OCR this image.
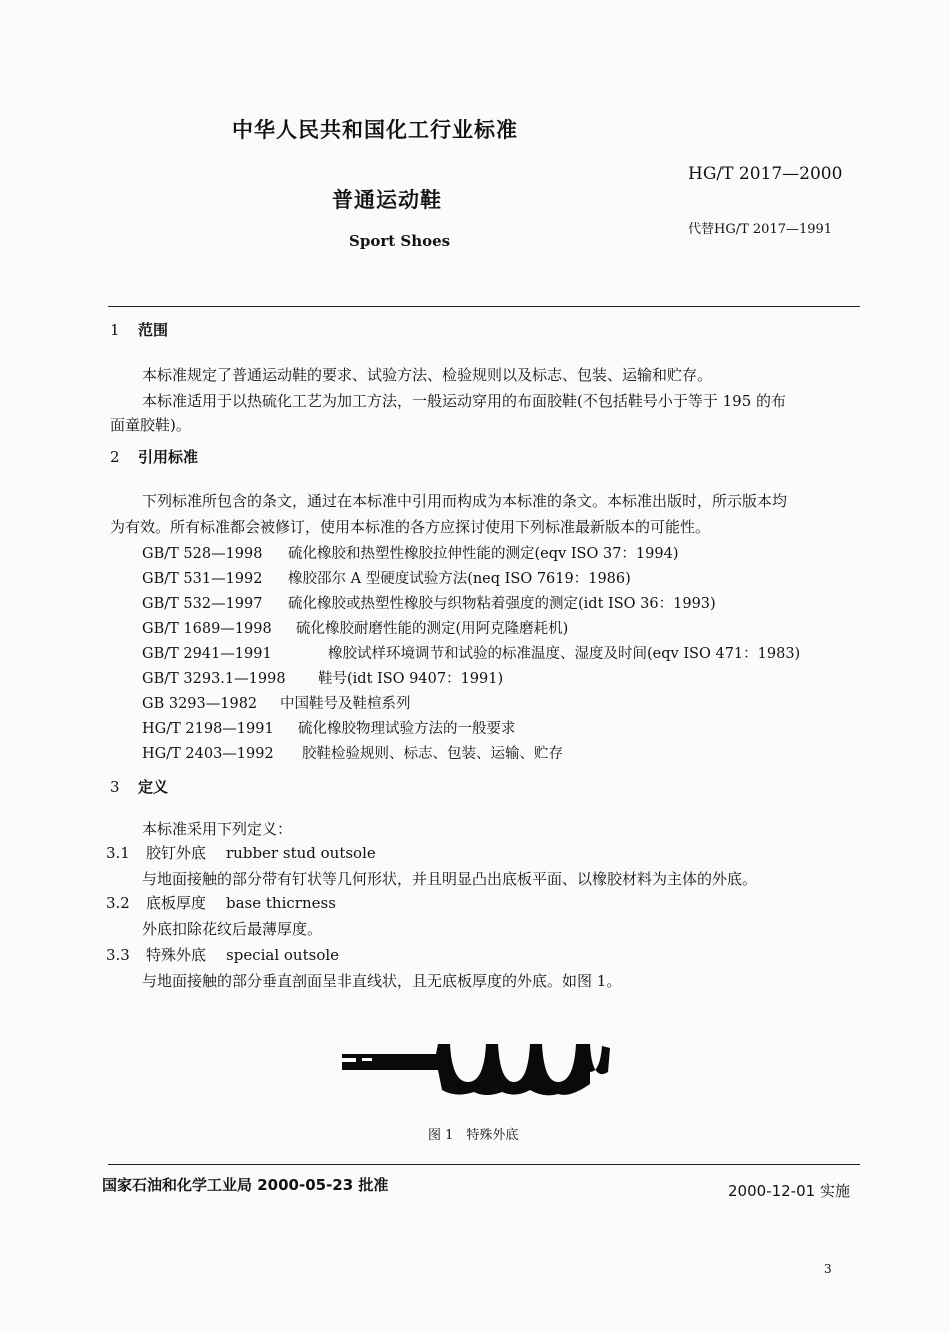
中华人民共和国化工行业标准
HG/T 2017—2000
普通运动鞋
代替HG/T 2017—1991
Sport Shoes
1 范围
本标准规定了普通运动鞋的要求、试验方法、检验规则以及标志、包装、运输和贮存。
本标准适用于以热硫化工艺为加工方法，一般运动穿用的布面胶鞋(不包括鞋号小于等于 195 的布
面童胶鞋)。
2 引用标准
下列标准所包含的条文，通过在本标准中引用而构成为本标准的条文。本标准出版时，所示版本均
为有效。所有标准都会被修订，使用本标准的各方应探讨使用下列标准最新版本的可能性。
GB/T 528—1998 硫化橡胶和热塑性橡胶拉伸性能的测定(eqv ISO 37：1994)
GB/T 531—1992 橡胶邵尔 A 型硬度试验方法(neq ISO 7619：1986)
GB/T 532—1997 硫化橡胶或热塑性橡胶与织物粘着强度的测定(idt ISO 36：1993)
GB/T 1689—1998 硫化橡胶耐磨性能的测定(用阿克隆磨耗机)
GB/T 2941—1991	橡胶试样环境调节和试验的标准温度、湿度及时间(eqv ISO 471：1983)
GB/T 3293.1—1998 鞋号(idt ISO 9407：1991)
GB 3293—1982 中国鞋号及鞋楦系列
HG/T 2198—1991 硫化橡胶物理试验方法的一般要求
HG/T 2403—1992 胶鞋检验规则、标志、包装、运输、贮存
3 定义
本标准采用下列定义：
3.1 胶钉外底 rubber stud outsole
与地面接触的部分带有钉状等几何形状，并且明显凸出底板平面、以橡胶材料为主体的外底。
3.2 底板厚度 base thicrness
外底扣除花纹后最薄厚度。
3.3 特殊外底 special outsole
与地面接触的部分垂直剖面呈非直线状，且无底板厚度的外底。如图 1。
图 1　特殊外底
国家石油和化学工业局 2000-05-23 批准	2000-12-01 实施
3
